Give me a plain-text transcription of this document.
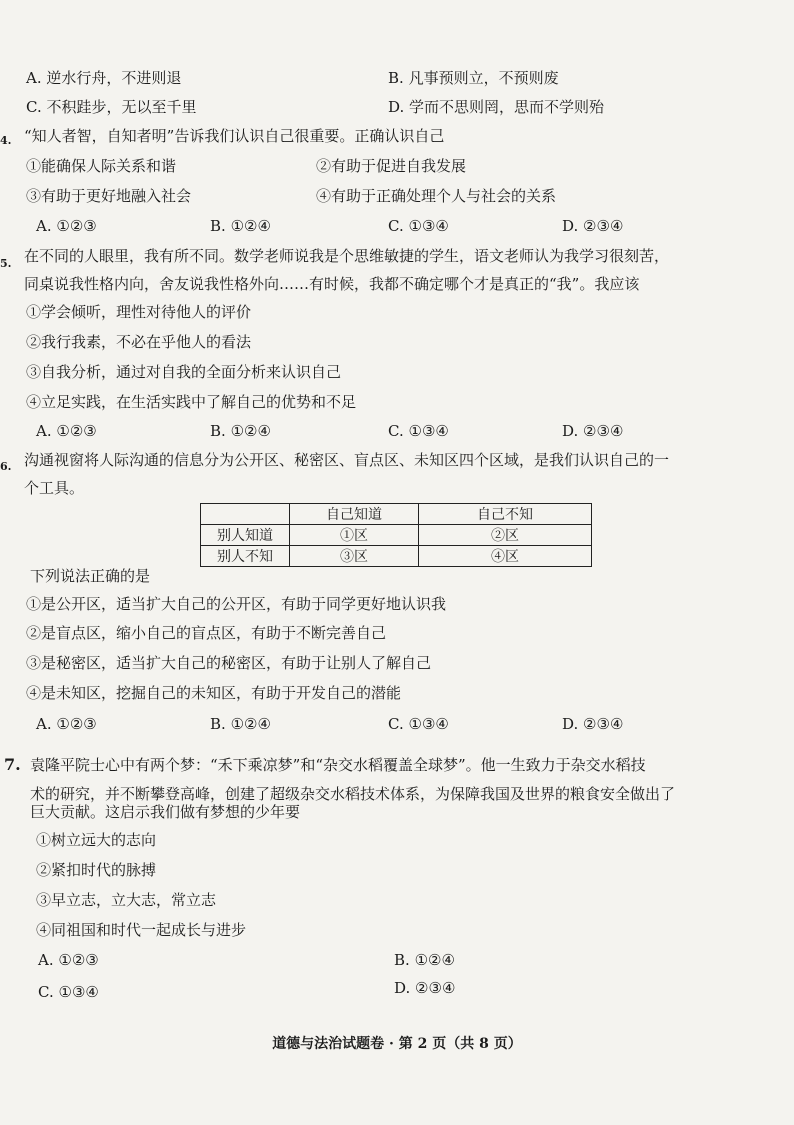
A. 逆水行舟，不进则退	B. 凡事预则立，不预则废
C. 不积跬步，无以至千里	D. 学而不思则罔，思而不学则殆
4. “知人者智，自知者明”告诉我们认识自己很重要。正确认识自己
①能确保人际关系和谐	②有助于促进自我发展
③有助于更好地融入社会	④有助于正确处理个人与社会的关系
A. ①②③	B. ①②④	C. ①③④	D. ②③④
5. 在不同的人眼里，我有所不同。数学老师说我是个思维敏捷的学生，语文老师认为我学习很刻苦，
同桌说我性格内向，舍友说我性格外向……有时候，我都不确定哪个才是真正的“我”。我应该
①学会倾听，理性对待他人的评价
②我行我素，不必在乎他人的看法
③自我分析，通过对自我的全面分析来认识自己
④立足实践，在生活实践中了解自己的优势和不足
A. ①②③	B. ①②④	C. ①③④	D. ②③④
6. 沟通视窗将人际沟通的信息分为公开区、秘密区、盲点区、未知区四个区域，是我们认识自己的一
个工具。
	自己知道	自己不知
别人知道	①区	②区
别人不知	③区	④区
下列说法正确的是
①是公开区，适当扩大自己的公开区，有助于同学更好地认识我
②是盲点区，缩小自己的盲点区，有助于不断完善自己
③是秘密区，适当扩大自己的秘密区，有助于让别人了解自己
④是未知区，挖掘自己的未知区，有助于开发自己的潜能
A. ①②③	B. ①②④	C. ①③④	D. ②③④
7. 袁隆平院士心中有两个梦：“禾下乘凉梦”和“杂交水稻覆盖全球梦”。他一生致力于杂交水稻技
术的研究，并不断攀登高峰，创建了超级杂交水稻技术体系，为保障我国及世界的粮食安全做出了
巨大贡献。这启示我们做有梦想的少年要
①树立远大的志向
②紧扣时代的脉搏
③早立志，立大志，常立志
④同祖国和时代一起成长与进步
A. ①②③	B. ①②④
C. ①③④	D. ②③④
道德与法治试题卷 · 第 2 页（共 8 页）
